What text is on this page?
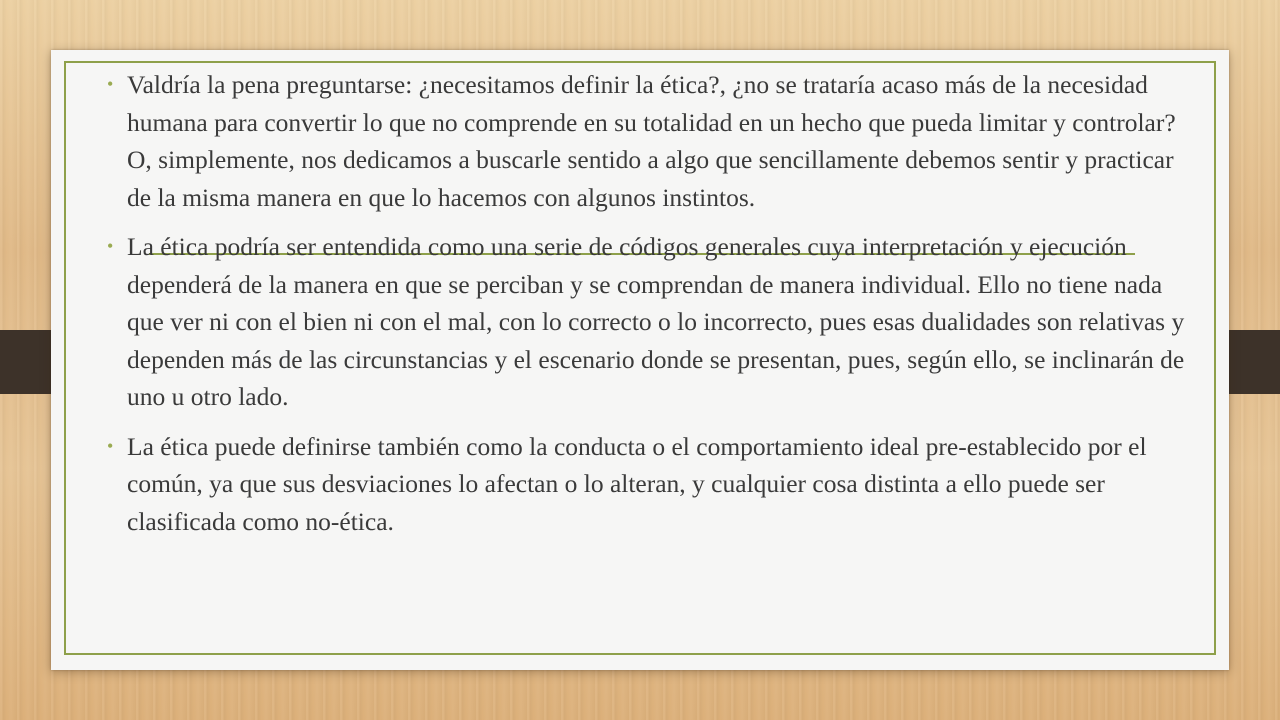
• Valdría la pena preguntarse: ¿necesitamos definir la ética?, ¿no se trataría acaso más de la necesidad humana para convertir lo que no comprende en su totalidad en un hecho que pueda limitar y controlar? O, simplemente, nos dedicamos a buscarle sentido a algo que sencillamente debemos sentir y practicar de la misma manera en que lo hacemos con algunos instintos.
• La ética podría ser entendida como una serie de códigos generales cuya interpretación y ejecución dependerá de la manera en que se perciban y se comprendan de manera individual. Ello no tiene nada que ver ni con el bien ni con el mal, con lo correcto o lo incorrecto, pues esas dualidades son relativas y dependen más de las circunstancias y el escenario donde se presentan, pues, según ello, se inclinarán de uno u otro lado.
• La ética puede definirse también como la conducta o el comportamiento ideal pre-establecido por el común, ya que sus desviaciones lo afectan o lo alteran, y cualquier cosa distinta a ello puede ser clasificada como no-ética.
